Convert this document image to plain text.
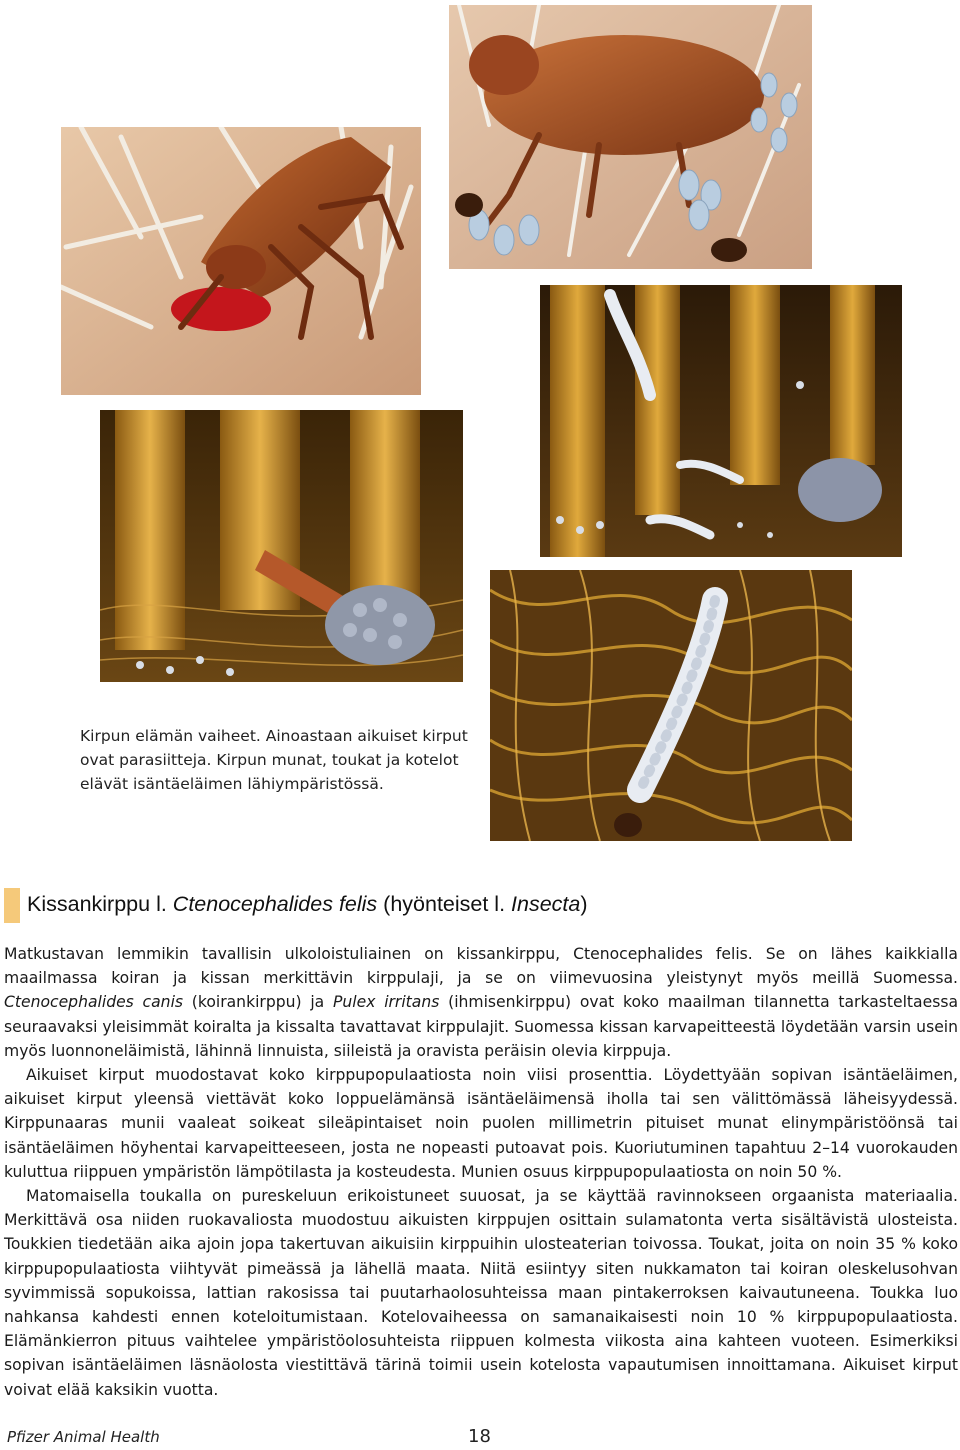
Kirpun elämän vaiheet. Ainoastaan aikuiset kirput ovat parasiitteja. Kirpun munat, toukat ja kotelot elävät isäntäeläimen lähiympäristössä.
Kissankirppu l. Ctenocephalides felis (hyönteiset l. Insecta)

Matkustavan lemmikin tavallisin ulkoloistuliainen on kissankirppu, Ctenocephalides felis. Se on lähes kaikkialla maailmassa koiran ja kissan merkittävin kirppulaji, ja se on viimevuosina yleistynyt myös meillä Suomessa. Ctenocephalides canis (koirankirppu) ja Pulex irritans (ihmisenkirppu) ovat koko maailman tilannetta tarkasteltaessa seuraavaksi yleisimmät koiralta ja kissalta tavattavat kirppulajit. Suomessa kissan karvapeitteestä löydetään varsin usein myös luonnoneläimistä, lähinnä linnuista, siileistä ja oravista peräisin olevia kirppuja.

Aikuiset kirput muodostavat koko kirppupopulaatiosta noin viisi prosenttia. Löydettyään sopivan isäntäeläimen, aikuiset kirput yleensä viettävät koko loppuelämänsä isäntäeläimensä iholla tai sen välittömässä läheisyydessä. Kirppunaaras munii vaaleat soikeat sileäpintaiset noin puolen millimetrin pituiset munat elinympäristöönsä tai isäntäeläimen höyhentai karvapeitteeseen, josta ne nopeasti putoavat pois. Kuoriutuminen tapahtuu 2–14 vuorokauden kuluttua riippuen ympäristön lämpötilasta ja kosteudesta. Munien osuus kirppupopulaatiosta on noin 50 %.

Matomaisella toukalla on pureskeluun erikoistuneet suuosat, ja se käyttää ravinnokseen orgaanista materiaalia. Merkittävä osa niiden ruokavaliosta muodostuu aikuisten kirppujen osittain sulamatonta verta sisältävistä ulosteista. Toukkien tiedetään aika ajoin jopa takertuvan aikuisiin kirppuihin ulosteaterian toivossa. Toukat, joita on noin 35 % koko kirppupopulaatiosta viihtyvät pimeässä ja lähellä maata. Niitä esiintyy siten nukkamaton tai koiran oleskelusohvan syvimmissä sopukoissa, lattian rakosissa tai puutarhaolosuhteissa maan pintakerroksen kaivautuneena. Toukka luo nahkansa kahdesti ennen koteloitumistaan. Kotelovaiheessa on samanaikaisesti noin 10 % kirppupopulaatiosta. Elämänkierron pituus vaihtelee ympäristöolosuhteista riippuen kolmesta viikosta aina kahteen vuoteen. Esimerkiksi sopivan isäntäeläimen läsnäolosta viestittävä tärinä toimii usein kotelosta vapautumisen innoittamana. Aikuiset kirput voivat elää kaksikin vuotta.

Pfizer Animal Health	18
